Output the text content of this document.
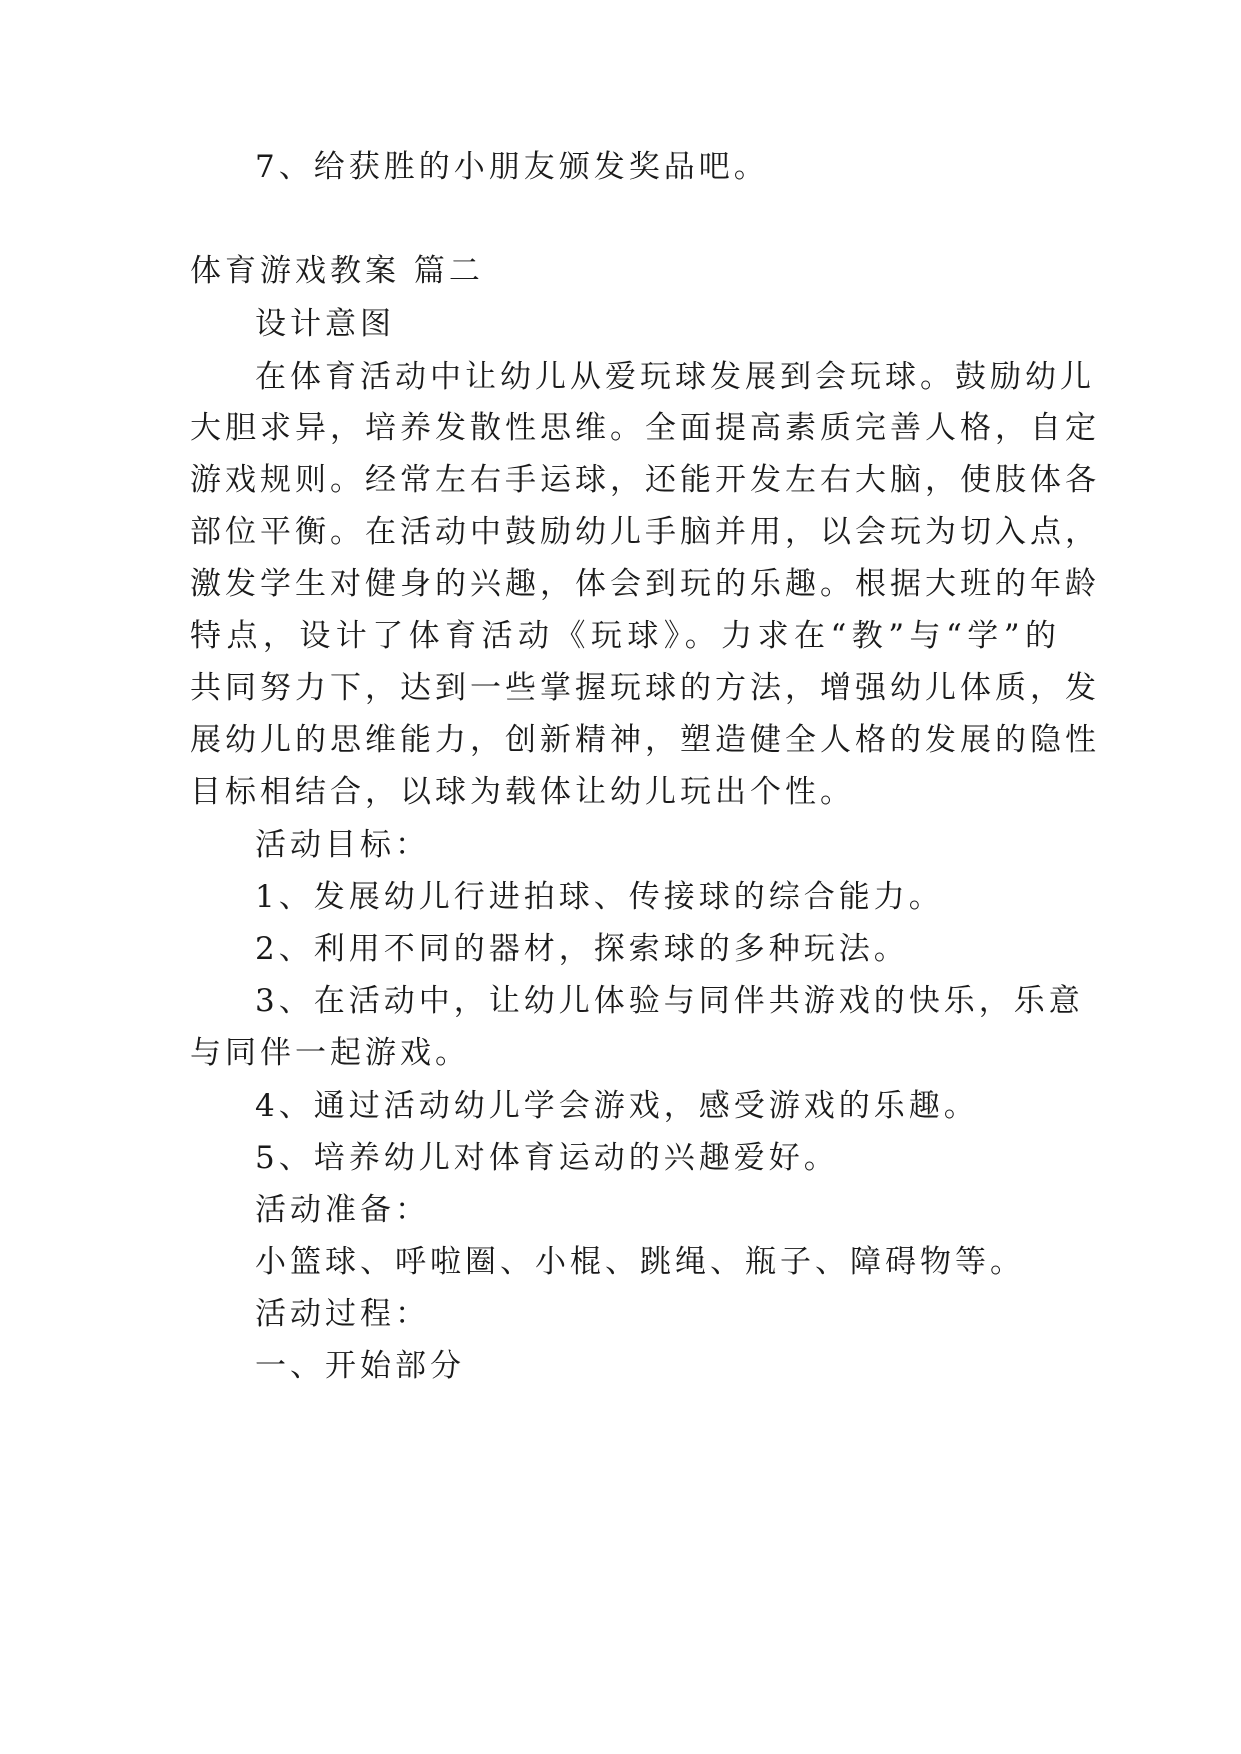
7、给获胜的小朋友颁发奖品吧。
体育游戏教案 篇二
设计意图
在体育活动中让幼儿从爱玩球发展到会玩球。鼓励幼儿
大胆求异，培养发散性思维。全面提高素质完善人格，自定
游戏规则。经常左右手运球，还能开发左右大脑，使肢体各
部位平衡。在活动中鼓励幼儿手脑并用，以会玩为切入点，
激发学生对健身的兴趣，体会到玩的乐趣。根据大班的年龄
特点，设计了体育活动《玩球》。力求在“教”与“学”的
共同努力下，达到一些掌握玩球的方法，增强幼儿体质，发
展幼儿的思维能力，创新精神，塑造健全人格的发展的隐性
目标相结合，以球为载体让幼儿玩出个性。
活动目标：
1、发展幼儿行进拍球、传接球的综合能力。
2、利用不同的器材，探索球的多种玩法。
3、在活动中，让幼儿体验与同伴共游戏的快乐，乐意
与同伴一起游戏。
4、通过活动幼儿学会游戏，感受游戏的乐趣。
5、培养幼儿对体育运动的兴趣爱好。
活动准备：
小篮球、呼啦圈、小棍、跳绳、瓶子、障碍物等。
活动过程：
一、开始部分
